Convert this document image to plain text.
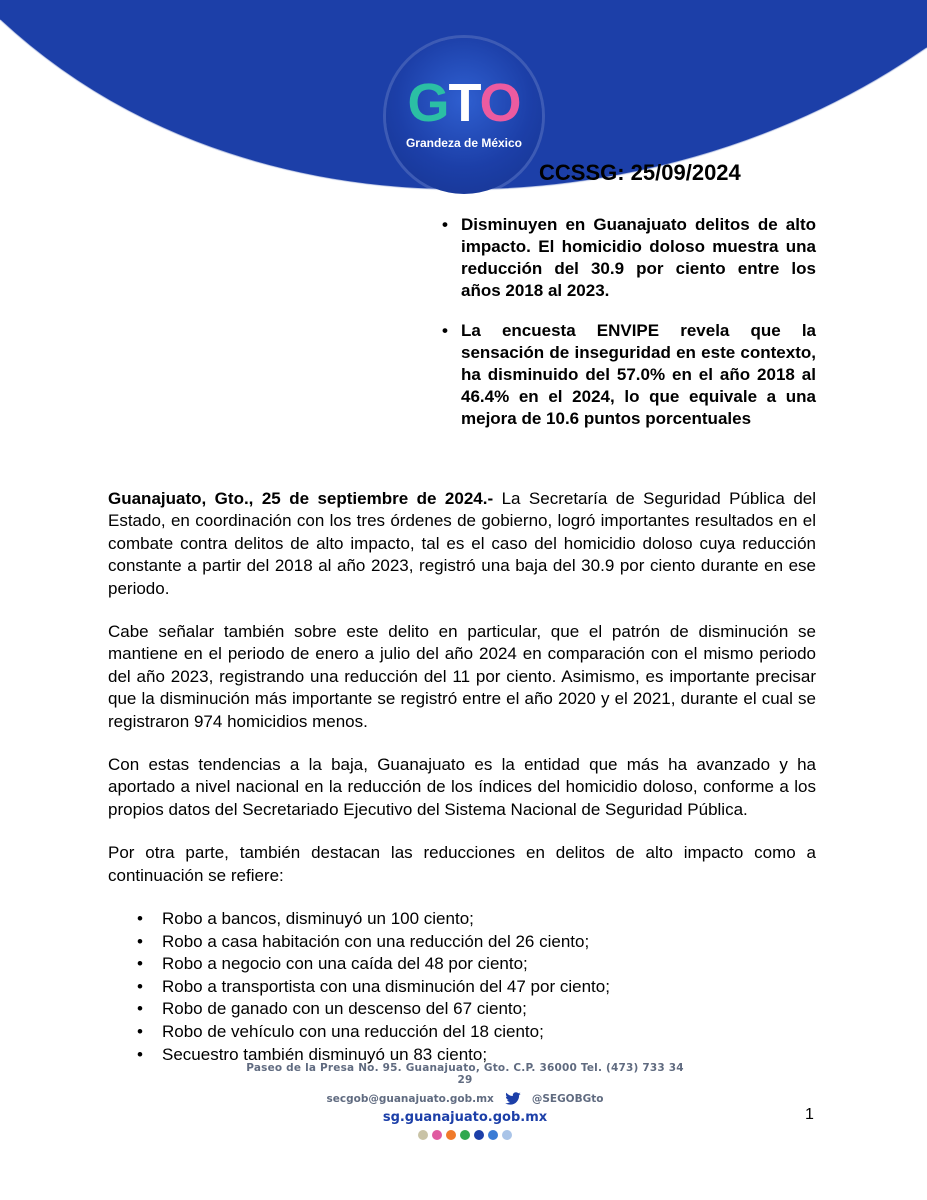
GTO
Grandeza de México
CCSSG: 25/09/2024
• Disminuyen en Guanajuato delitos de alto impacto. El homicidio doloso muestra una reducción del 30.9 por ciento entre los años 2018 al 2023.
• La encuesta ENVIPE revela que la sensación de inseguridad en este contexto, ha disminuido del 57.0% en el año 2018 al 46.4% en el 2024, lo que equivale a una mejora de 10.6 puntos porcentuales

Guanajuato, Gto., 25 de septiembre de 2024.- La Secretaría de Seguridad Pública del Estado, en coordinación con los tres órdenes de gobierno, logró importantes resultados en el combate contra delitos de alto impacto, tal es el caso del homicidio doloso cuya reducción constante a partir del 2018 al año 2023, registró una baja del 30.9 por ciento durante en ese periodo.

Cabe señalar también sobre este delito en particular, que el patrón de disminución se mantiene en el periodo de enero a julio del año 2024 en comparación con el mismo periodo del año 2023, registrando una reducción del 11 por ciento. Asimismo, es importante precisar que la disminución más importante se registró entre el año 2020 y el 2021, durante el cual se registraron 974 homicidios menos.

Con estas tendencias a la baja, Guanajuato es la entidad que más ha avanzado y ha aportado a nivel nacional en la reducción de los índices del homicidio doloso, conforme a los propios datos del Secretariado Ejecutivo del Sistema Nacional de Seguridad Pública.

Por otra parte, también destacan las reducciones en delitos de alto impacto como a continuación se refiere:

• Robo a bancos, disminuyó un 100 ciento;
• Robo a casa habitación con una reducción del 26 ciento;
• Robo a negocio con una caída del 48 por ciento;
• Robo a transportista con una disminución del 47 por ciento;
• Robo de ganado con un descenso del 67 ciento;
• Robo de vehículo con una reducción del 18 ciento;
• Secuestro también disminuyó un 83 ciento;
Paseo de la Presa No. 95. Guanajuato, Gto. C.P. 36000 Tel. (473) 733 34 29
secgob@guanajuato.gob.mx	@SEGOBGto
sg.guanajuato.gob.mx	1
